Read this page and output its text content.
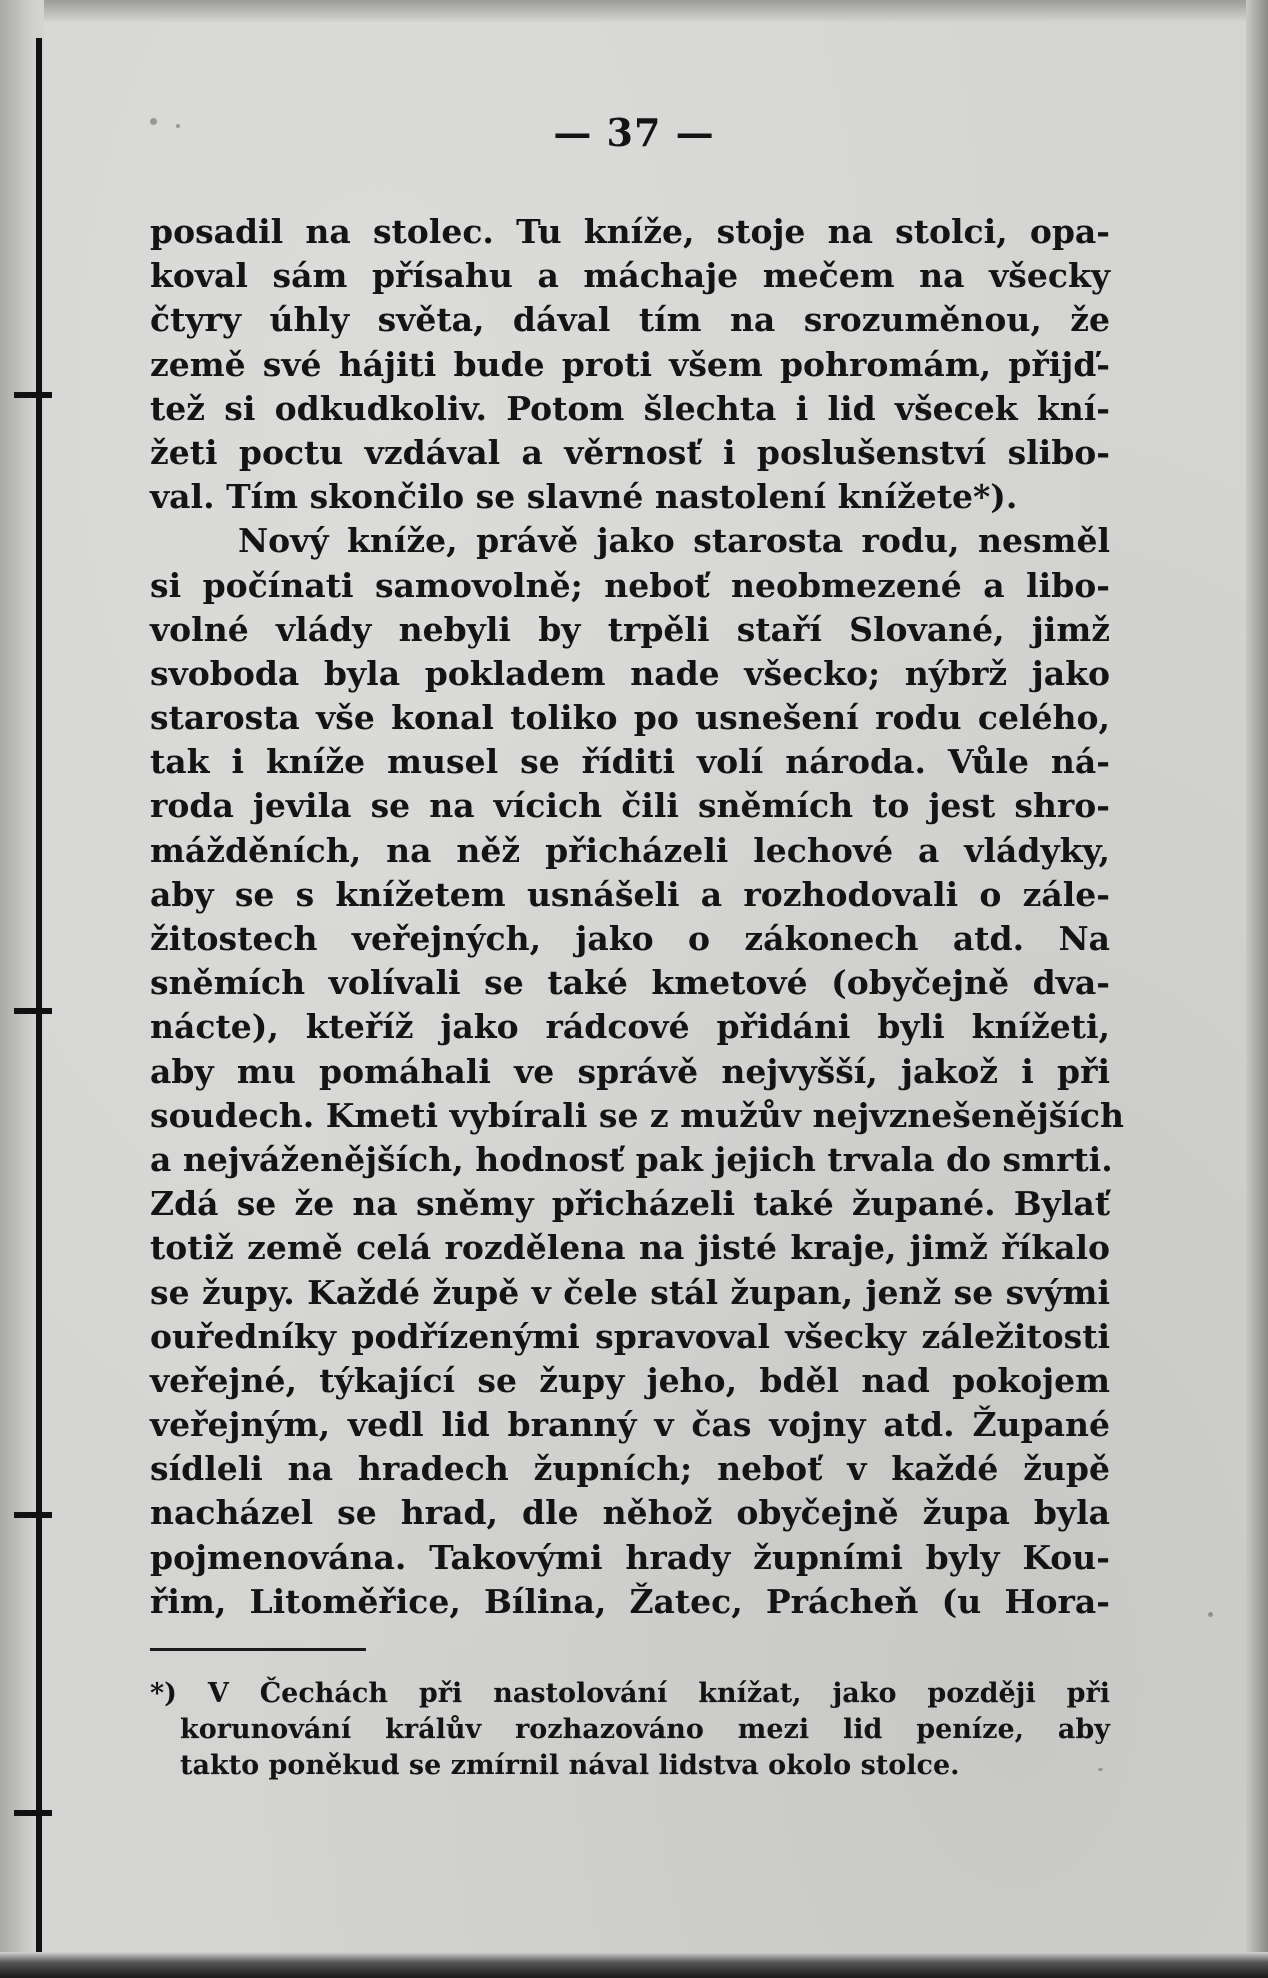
— 37 —
posadil na stolec. Tu kníže, stoje na stolci, opa-
koval sám přísahu a máchaje mečem na všecky
čtyry úhly světa, dával tím na srozuměnou, že
země své hájiti bude proti všem pohromám, přijď-
tež si odkudkoliv. Potom šlechta i lid všecek kní-
žeti poctu vzdával a věrnosť i poslušenství slibo-
val. Tím skončilo se slavné nastolení knížete*).
Nový kníže, právě jako starosta rodu, nesměl
si počínati samovolně; neboť neobmezené a libo-
volné vlády nebyli by trpěli staří Slované, jimž
svoboda byla pokladem nade všecko; nýbrž jako
starosta vše konal toliko po usnešení rodu celého,
tak i kníže musel se říditi volí národa. Vůle ná-
roda jevila se na vícich čili sněmích to jest shro-
mážděních, na něž přicházeli lechové a vládyky,
aby se s knížetem usnášeli a rozhodovali o zále-
žitostech veřejných, jako o zákonech atd. Na
sněmích volívali se také kmetové (obyčejně dva-
nácte), kteříž jako rádcové přidáni byli knížeti,
aby mu pomáhali ve správě nejvyšší, jakož i při
soudech. Kmeti vybírali se z mužův nejvznešenějších
a nejváženějších, hodnosť pak jejich trvala do smrti.
Zdá se že na sněmy přicházeli také župané. Bylať
totiž země celá rozdělena na jisté kraje, jimž říkalo
se župy. Každé župě v čele stál župan, jenž se svými
ouředníky podřízenými spravoval všecky záležitosti
veřejné, týkající se župy jeho, bděl nad pokojem
veřejným, vedl lid branný v čas vojny atd. Župané
sídleli na hradech župních; neboť v každé župě
nacházel se hrad, dle něhož obyčejně župa byla
pojmenována. Takovými hrady župními byly Kou-
řim, Litoměřice, Bílina, Žatec, Prácheň (u Hora-
*) V Čechách při nastolování knížat, jako později při
korunování králův rozhazováno mezi lid peníze, aby
takto poněkud se zmírnil nával lidstva okolo stolce.
